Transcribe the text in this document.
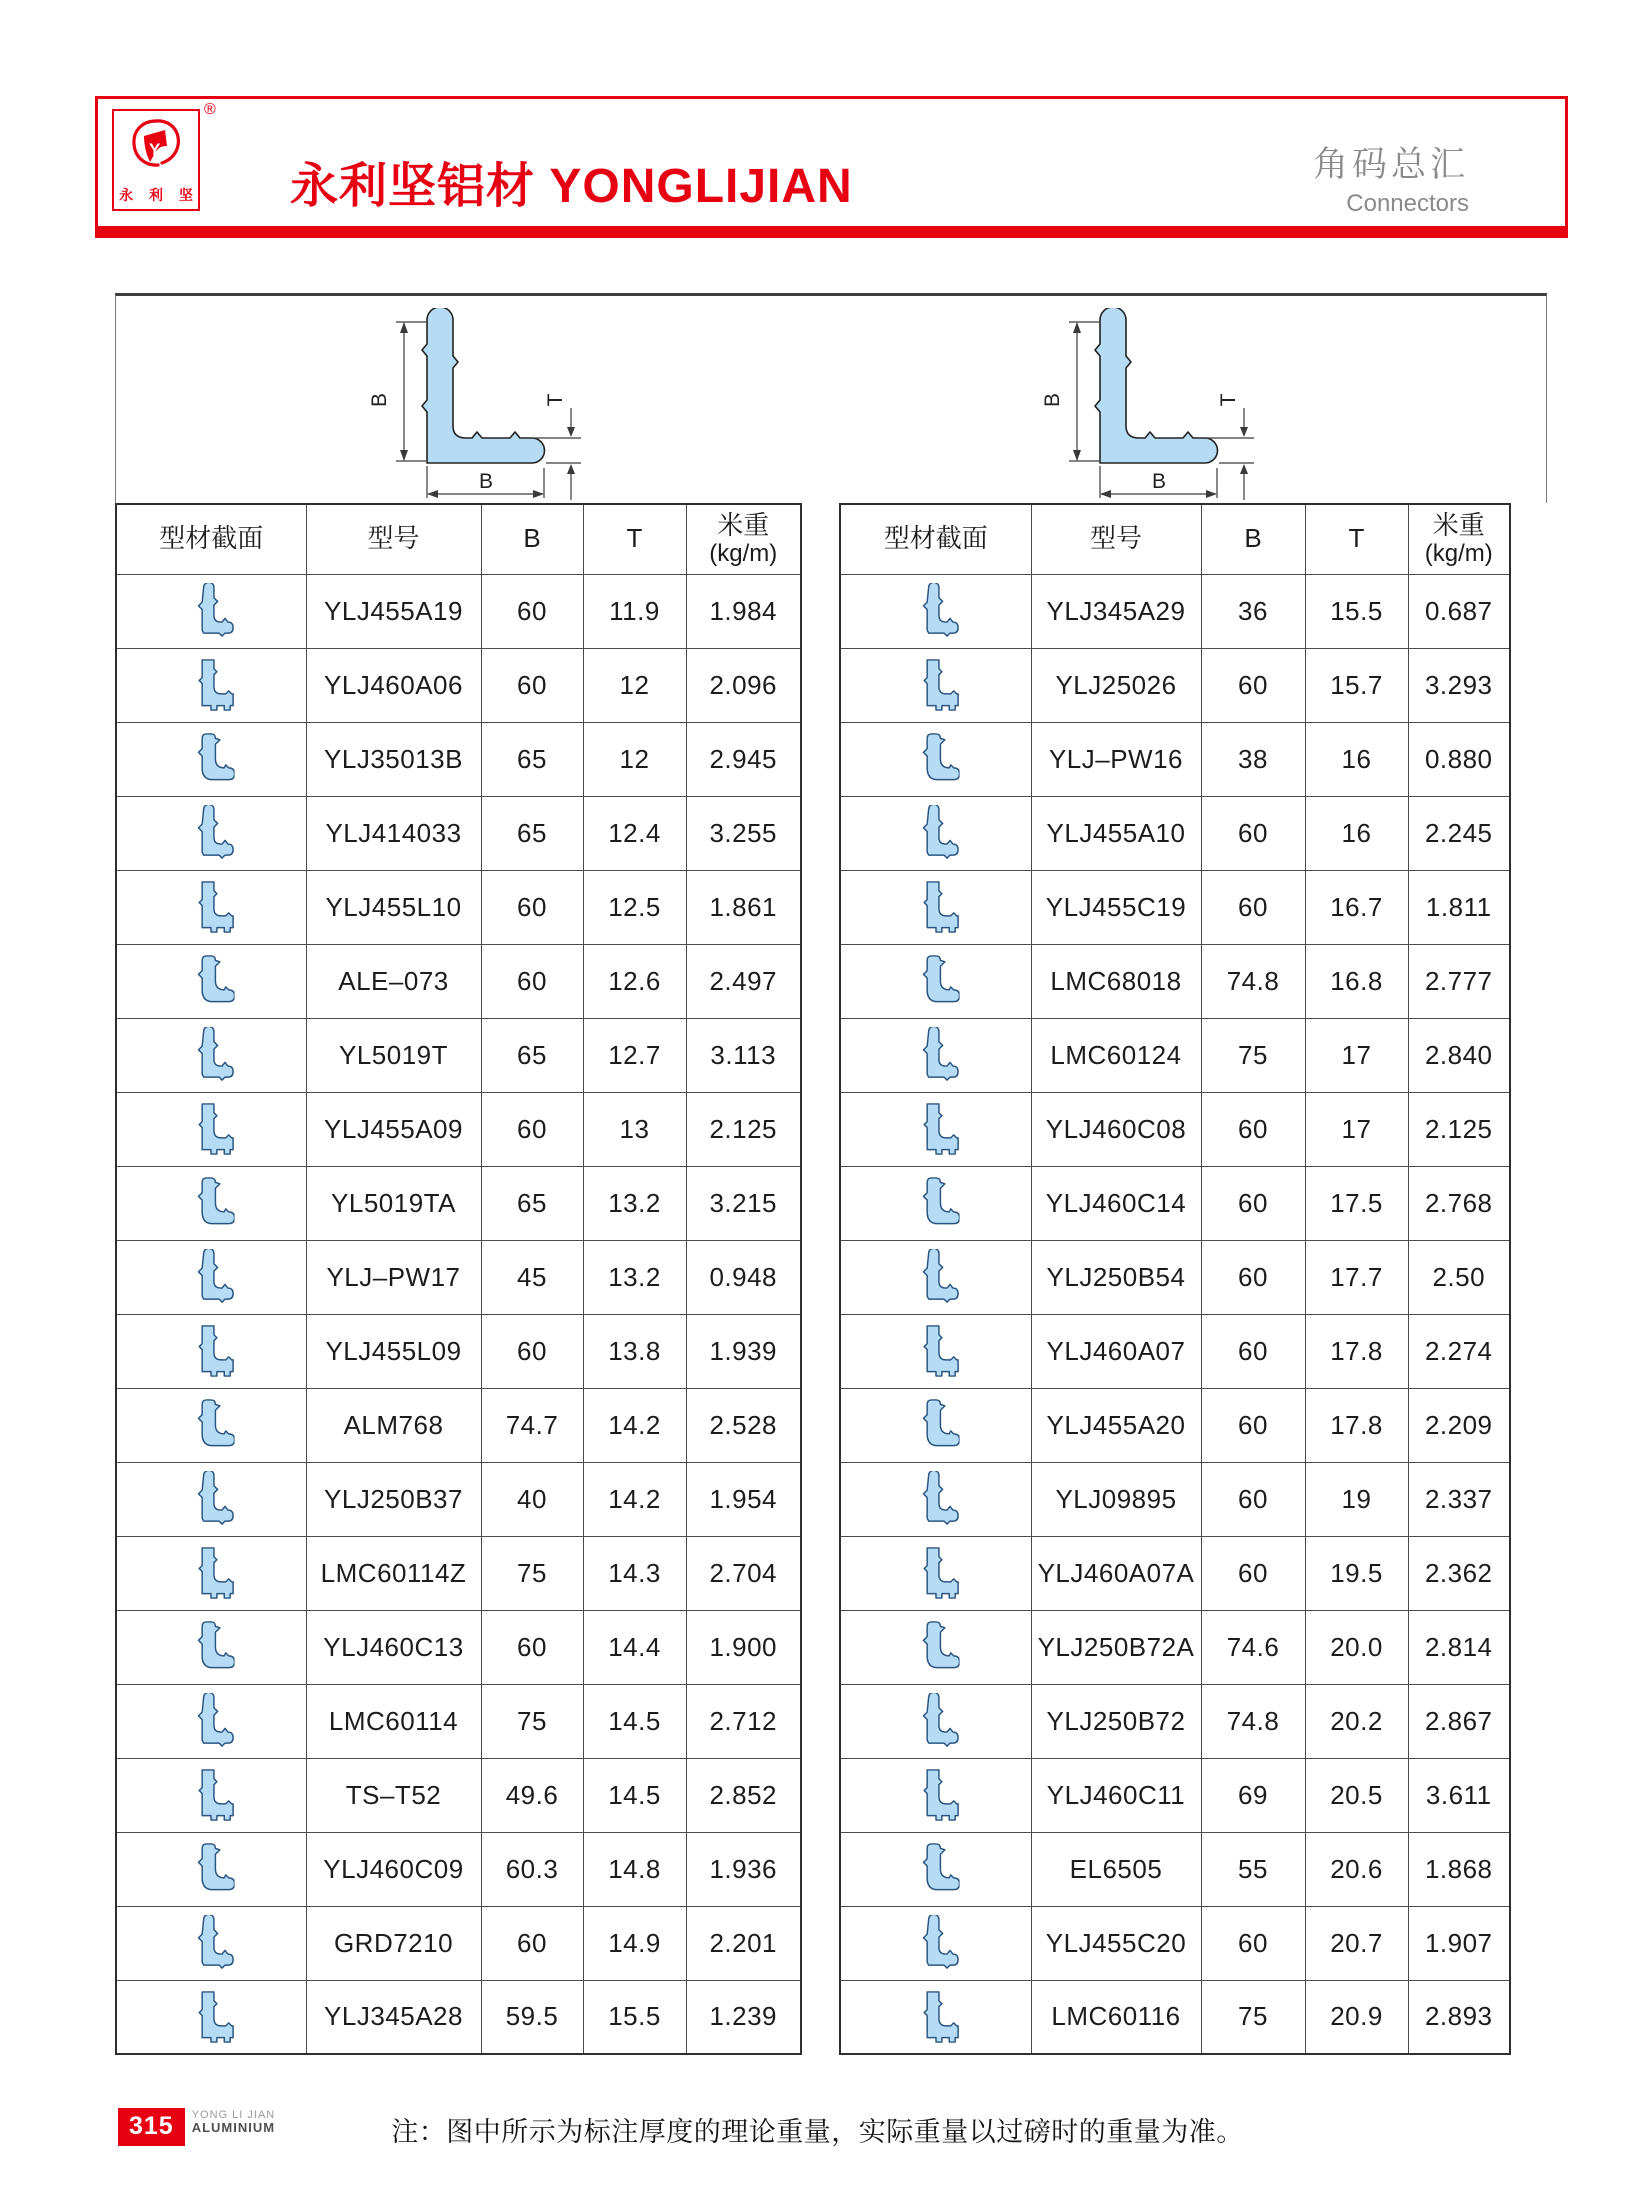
Y
永 利 坚
®
永利坚铝材 YONGLIJIAN	角码总汇
Connectors
B
B
T	B
B
T
型材截面	型号	B	T	米重
(kg/m)

	YLJ455A19	60	11.9	1.984

	YLJ460A06	60	12	2.096

	YLJ35013B	65	12	2.945

	YLJ414033	65	12.4	3.255

	YLJ455L10	60	12.5	1.861

	ALE–073	60	12.6	2.497

	YL5019T	65	12.7	3.113

	YLJ455A09	60	13	2.125

	YL5019TA	65	13.2	3.215

	YLJ–PW17	45	13.2	0.948

	YLJ455L09	60	13.8	1.939

	ALM768	74.7	14.2	2.528

	YLJ250B37	40	14.2	1.954

	LMC60114Z	75	14.3	2.704

	YLJ460C13	60	14.4	1.900

	LMC60114	75	14.5	2.712

	TS–T52	49.6	14.5	2.852

	YLJ460C09	60.3	14.8	1.936

	GRD7210	60	14.9	2.201

	YLJ345A28	59.5	15.5	1.239
型材截面	型号	B	T	米重
(kg/m)

	YLJ345A29	36	15.5	0.687

	YLJ25026	60	15.7	3.293

	YLJ–PW16	38	16	0.880

	YLJ455A10	60	16	2.245

	YLJ455C19	60	16.7	1.811

	LMC68018	74.8	16.8	2.777

	LMC60124	75	17	2.840

	YLJ460C08	60	17	2.125

	YLJ460C14	60	17.5	2.768

	YLJ250B54	60	17.7	2.50

	YLJ460A07	60	17.8	2.274

	YLJ455A20	60	17.8	2.209

	YLJ09895	60	19	2.337

	YLJ460A07A	60	19.5	2.362

	YLJ250B72A	74.6	20.0	2.814

	YLJ250B72	74.8	20.2	2.867

	YLJ460C11	69	20.5	3.611

	EL6505	55	20.6	1.868

	YLJ455C20	60	20.7	1.907

	LMC60116	75	20.9	2.893
315	YONG LI JIAN
ALUMINIUM	注：图中所示为标注厚度的理论重量，实际重量以过磅时的重量为准。
